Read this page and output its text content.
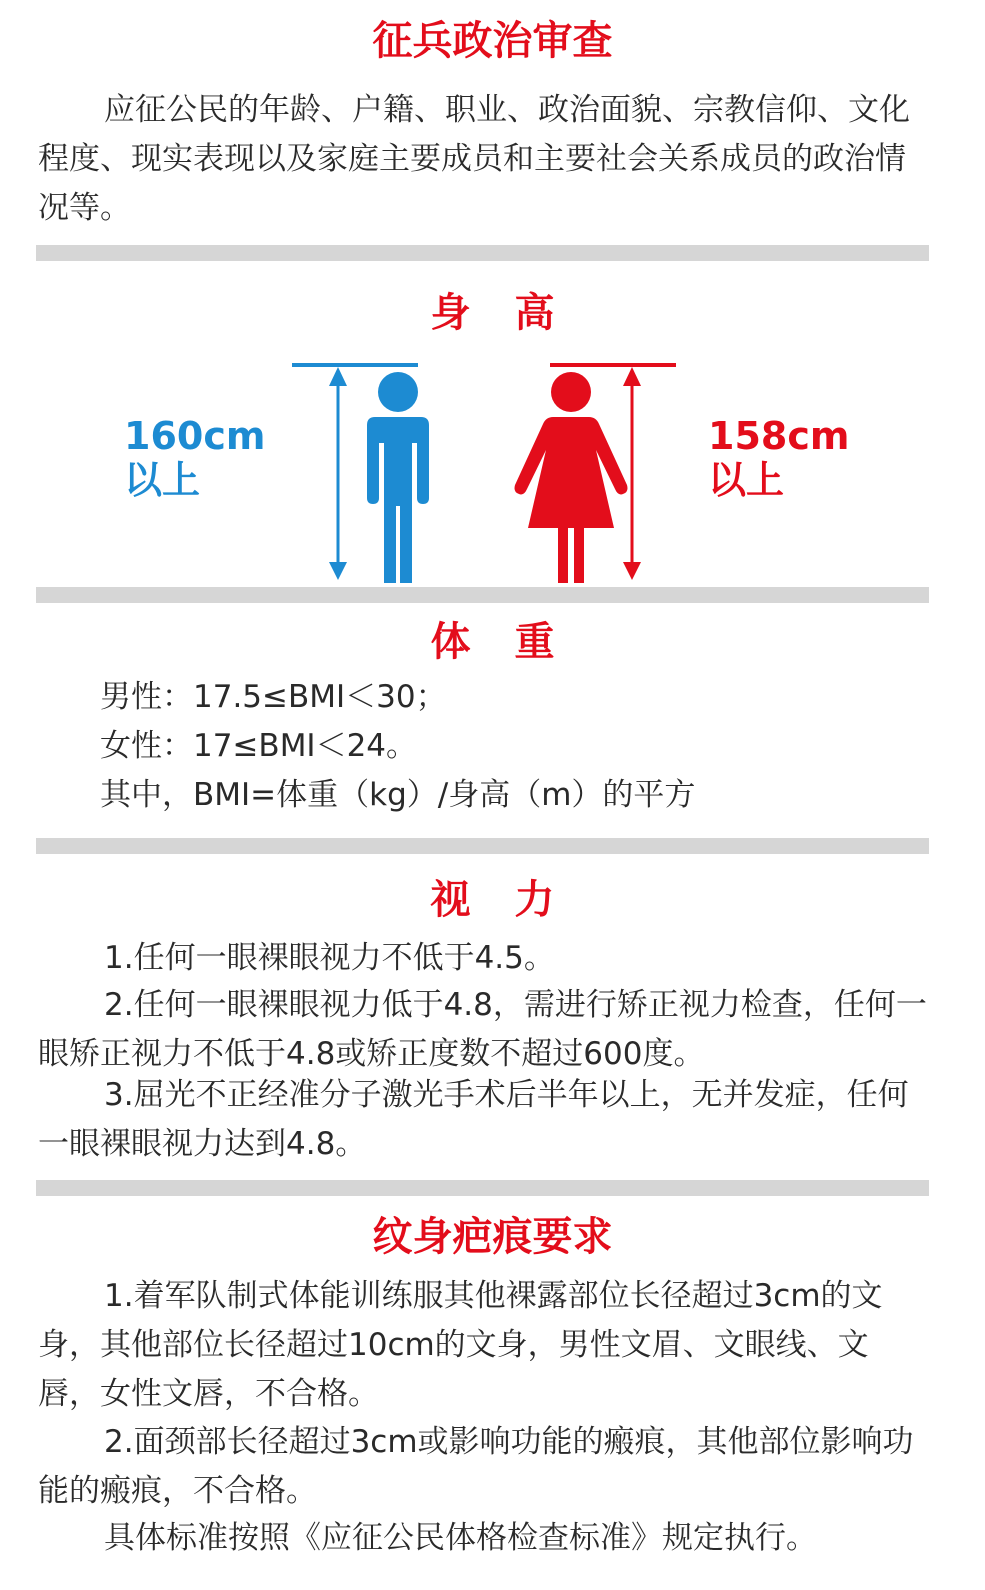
征兵政治审查

应征公民的年龄、户籍、职业、政治面貌、宗教信仰、文化程度、现实表现以及家庭主要成员和主要社会关系成员的政治情况等。

身高
160cm
以上
158cm
以上
体重

男性：17.5≤BMI＜30；

女性：17≤BMI＜24。

其中，BMI=体重（kg）/身高（m）的平方

视力

1.任何一眼裸眼视力不低于4.5。

2.任何一眼裸眼视力低于4.8，需进行矫正视力检查，任何一眼矫正视力不低于4.8或矫正度数不超过600度。

3.屈光不正经准分子激光手术后半年以上，无并发症，任何一眼裸眼视力达到4.8。

纹身疤痕要求

1.着军队制式体能训练服其他裸露部位长径超过3cm的文身，其他部位长径超过10cm的文身，男性文眉、文眼线、文唇，女性文唇，不合格。

2.面颈部长径超过3cm或影响功能的瘢痕，其他部位影响功能的瘢痕，不合格。

具体标准按照《应征公民体格检查标准》规定执行。
